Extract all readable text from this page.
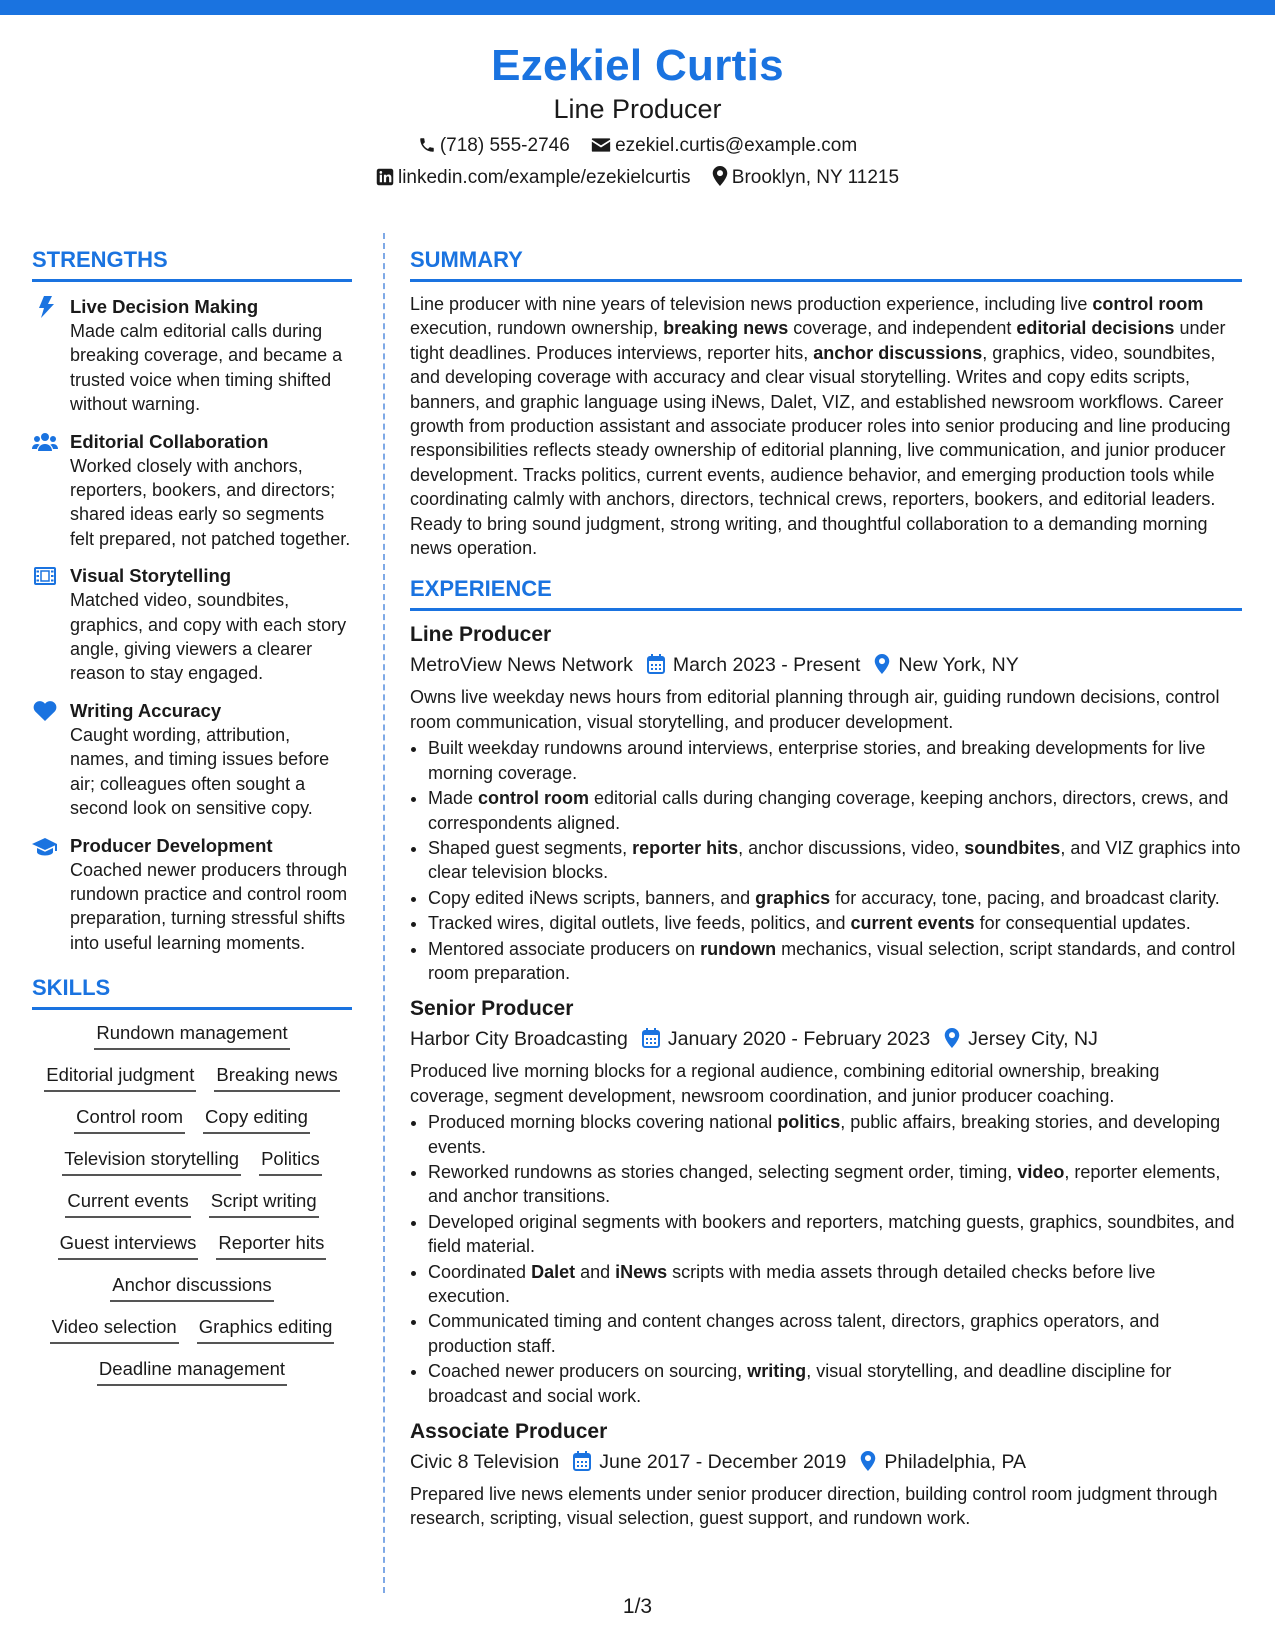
Ezekiel Curtis
Line Producer
(718) 555-2746 ezekiel.curtis@example.com
linkedin.com/example/ezekielcurtis Brooklyn, NY 11215
STRENGTHS
Live Decision Making
Made calm editorial calls during breaking coverage, and became a trusted voice when timing shifted without warning.
Editorial Collaboration
Worked closely with anchors, reporters, bookers, and directors; shared ideas early so segments felt prepared, not patched together.
Visual Storytelling
Matched video, soundbites, graphics, and copy with each story angle, giving viewers a clearer reason to stay engaged.
Writing Accuracy
Caught wording, attribution, names, and timing issues before air; colleagues often sought a second look on sensitive copy.
Producer Development
Coached newer producers through rundown practice and control room preparation, turning stressful shifts into useful learning moments.
SKILLS
Rundown management
Editorial judgment Breaking news
Control room Copy editing
Television storytelling Politics
Current events Script writing
Guest interviews Reporter hits
Anchor discussions
Video selection Graphics editing
Deadline management
SUMMARY
Line producer with nine years of television news production experience, including live control room execution, rundown ownership, breaking news coverage, and independent editorial decisions under tight deadlines. Produces interviews, reporter hits, anchor discussions, graphics, video, soundbites, and developing coverage with accuracy and clear visual storytelling. Writes and copy edits scripts, banners, and graphic language using iNews, Dalet, VIZ, and established newsroom workflows. Career growth from production assistant and associate producer roles into senior producing and line producing responsibilities reflects steady ownership of editorial planning, live communication, and junior producer development. Tracks politics, current events, audience behavior, and emerging production tools while coordinating calmly with anchors, directors, technical crews, reporters, bookers, and editorial leaders. Ready to bring sound judgment, strong writing, and thoughtful collaboration to a demanding morning news operation.
EXPERIENCE
Line Producer
MetroView News Network March 2023 - Present New York, NY
Owns live weekday news hours from editorial planning through air, guiding rundown decisions, control room communication, visual storytelling, and producer development.
• Built weekday rundowns around interviews, enterprise stories, and breaking developments for live morning coverage.
• Made control room editorial calls during changing coverage, keeping anchors, directors, crews, and correspondents aligned.
• Shaped guest segments, reporter hits, anchor discussions, video, soundbites, and VIZ graphics into clear television blocks.
• Copy edited iNews scripts, banners, and graphics for accuracy, tone, pacing, and broadcast clarity.
• Tracked wires, digital outlets, live feeds, politics, and current events for consequential updates.
• Mentored associate producers on rundown mechanics, visual selection, script standards, and control room preparation.
Senior Producer
Harbor City Broadcasting January 2020 - February 2023 Jersey City, NJ
Produced live morning blocks for a regional audience, combining editorial ownership, breaking coverage, segment development, newsroom coordination, and junior producer coaching.
• Produced morning blocks covering national politics, public affairs, breaking stories, and developing events.
• Reworked rundowns as stories changed, selecting segment order, timing, video, reporter elements, and anchor transitions.
• Developed original segments with bookers and reporters, matching guests, graphics, soundbites, and field material.
• Coordinated Dalet and iNews scripts with media assets through detailed checks before live execution.
• Communicated timing and content changes across talent, directors, graphics operators, and production staff.
• Coached newer producers on sourcing, writing, visual storytelling, and deadline discipline for broadcast and social work.
Associate Producer
Civic 8 Television June 2017 - December 2019 Philadelphia, PA
Prepared live news elements under senior producer direction, building control room judgment through research, scripting, visual selection, guest support, and rundown work.
1/3
